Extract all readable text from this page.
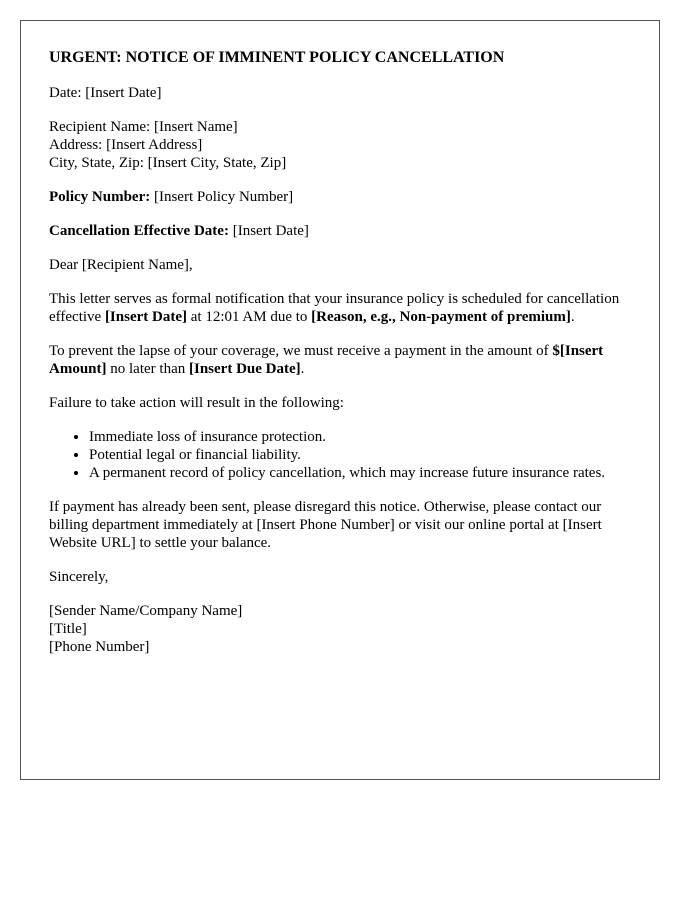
URGENT: NOTICE OF IMMINENT POLICY CANCELLATION

Date: [Insert Date]

Recipient Name: [Insert Name]
Address: [Insert Address]
City, State, Zip: [Insert City, State, Zip]

Policy Number: [Insert Policy Number]

Cancellation Effective Date: [Insert Date]

Dear [Recipient Name],

This letter serves as formal notification that your insurance policy is scheduled for cancellation effective [Insert Date] at 12:01 AM due to [Reason, e.g., Non-payment of premium].

To prevent the lapse of your coverage, we must receive a payment in the amount of $[Insert Amount] no later than [Insert Due Date].

Failure to take action will result in the following:

• Immediate loss of insurance protection.
• Potential legal or financial liability.
• A permanent record of policy cancellation, which may increase future insurance rates.

If payment has already been sent, please disregard this notice. Otherwise, please contact our billing department immediately at [Insert Phone Number] or visit our online portal at [Insert Website URL] to settle your balance.

Sincerely,

[Sender Name/Company Name]
[Title]
[Phone Number]
